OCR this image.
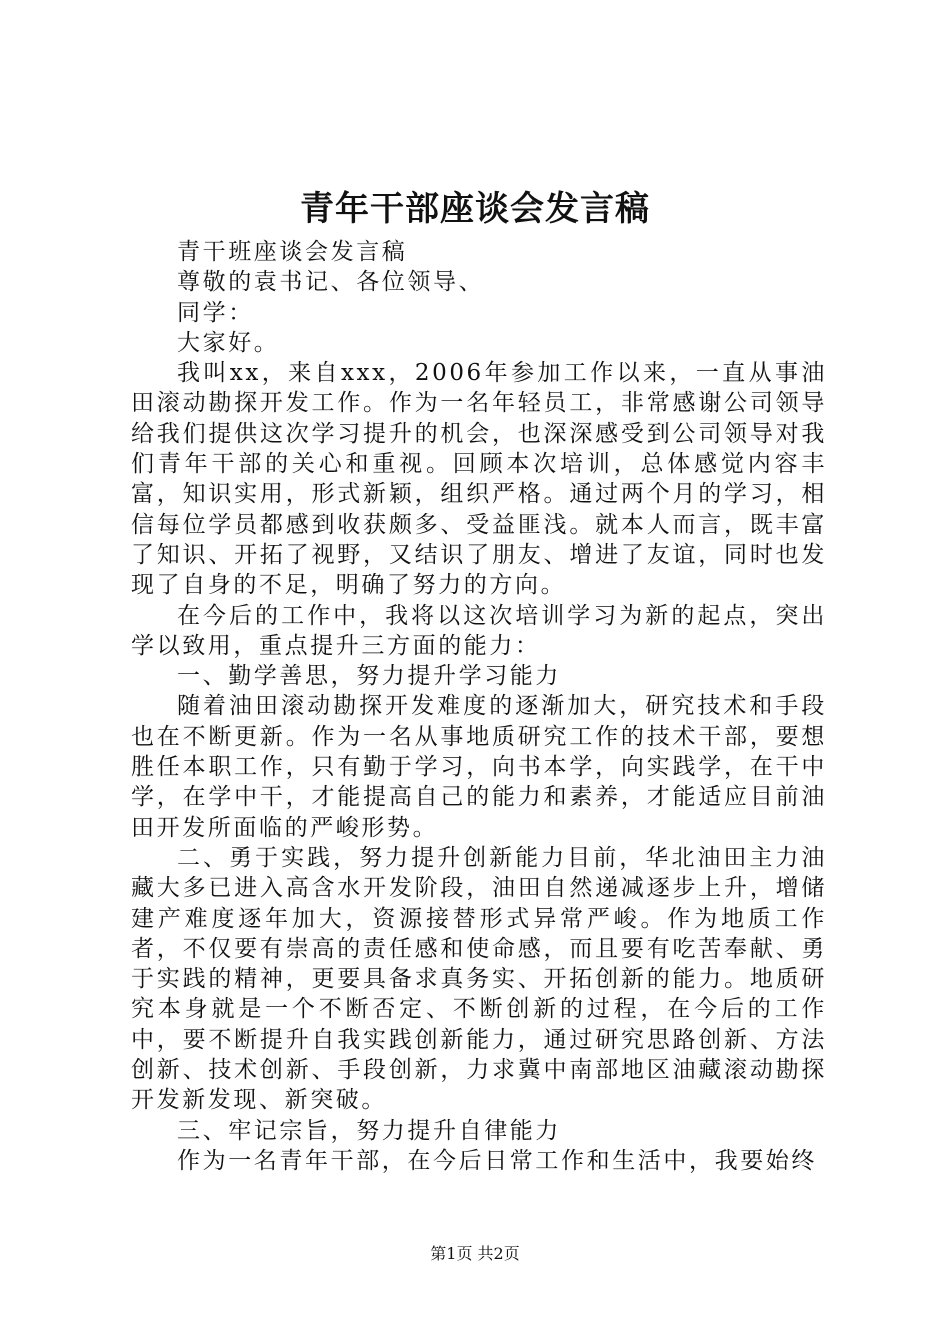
青年干部座谈会发言稿

青干班座谈会发言稿

尊敬的袁书记、各位领导、

同学：

大家好。

我叫xx，来自xxx，2006年参加工作以来，一直从事油田滚动勘探开发工作。作为一名年轻员工，非常感谢公司领导给我们提供这次学习提升的机会，也深深感受到公司领导对我们青年干部的关心和重视。回顾本次培训，总体感觉内容丰富，知识实用，形式新颖，组织严格。通过两个月的学习，相信每位学员都感到收获颇多、受益匪浅。就本人而言，既丰富了知识、开拓了视野，又结识了朋友、增进了友谊，同时也发现了自身的不足，明确了努力的方向。

在今后的工作中，我将以这次培训学习为新的起点，突出学以致用，重点提升三方面的能力：

一、勤学善思，努力提升学习能力

随着油田滚动勘探开发难度的逐渐加大，研究技术和手段也在不断更新。作为一名从事地质研究工作的技术干部，要想胜任本职工作，只有勤于学习，向书本学，向实践学，在干中学，在学中干，才能提高自己的能力和素养，才能适应目前油田开发所面临的严峻形势。

二、勇于实践，努力提升创新能力目前，华北油田主力油藏大多已进入高含水开发阶段，油田自然递减逐步上升，增储建产难度逐年加大，资源接替形式异常严峻。作为地质工作者，不仅要有崇高的责任感和使命感，而且要有吃苦奉献、勇于实践的精神，更要具备求真务实、开拓创新的能力。地质研究本身就是一个不断否定、不断创新的过程，在今后的工作中，要不断提升自我实践创新能力，通过研究思路创新、方法创新、技术创新、手段创新，力求冀中南部地区油藏滚动勘探开发新发现、新突破。

三、牢记宗旨，努力提升自律能力

作为一名青年干部，在今后日常工作和生活中，我要始终

第1页 共2页
